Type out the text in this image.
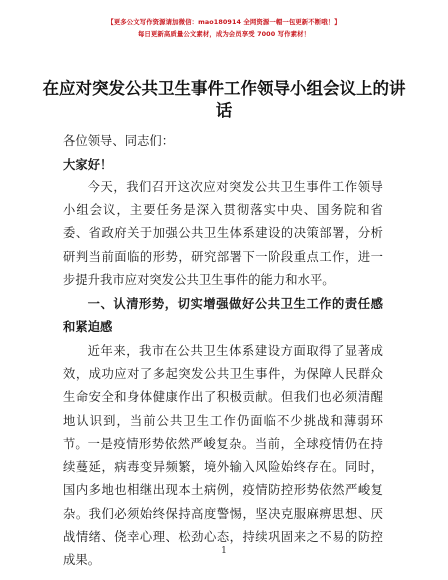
【更多公文写作资源请加微信：mao180914 全网资源一帽一包更新不断哦！】
每日更新高质量公文素材，成为会员享受 7000 写作素材！
在应对突发公共卫生事件工作领导小组会议上的讲话
各位领导、同志们：
大家好！
今天，我们召开这次应对突发公共卫生事件工作领导小组会议，主要任务是深入贯彻落实中央、国务院和省委、省政府关于加强公共卫生体系建设的决策部署，分析研判当前面临的形势，研究部署下一阶段重点工作，进一步提升我市应对突发公共卫生事件的能力和水平。
一、认清形势，切实增强做好公共卫生工作的责任感和紧迫感
近年来，我市在公共卫生体系建设方面取得了显著成效，成功应对了多起突发公共卫生事件，为保障人民群众生命安全和身体健康作出了积极贡献。但我们也必须清醒地认识到，当前公共卫生工作仍面临不少挑战和薄弱环节。 一是疫情形势依然严峻复杂。当前，全球疫情仍在持续蔓延，病毒变异频繁，境外输入风险始终存在。同时，国内多地也相继出现本土病例，疫情防控形势依然严峻复杂。我们必须始终保持高度警惕，坚决克服麻痹思想、厌战情绪、侥幸心理、松劲心态，持续巩固来之不易的防控成果。
1
